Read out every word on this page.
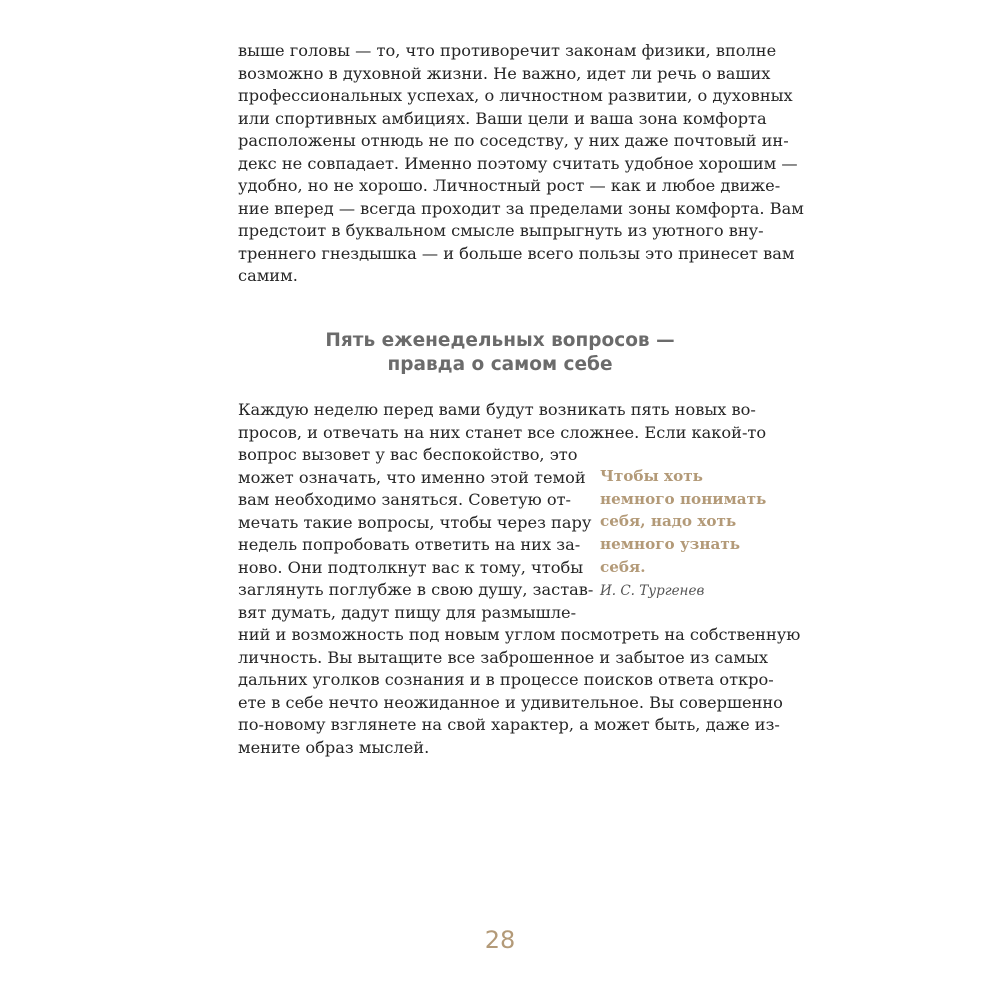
выше головы — то, что противоречит законам физики, вполне
возможно в духовной жизни. Не важно, идет ли речь о ваших
профессиональных успехах, о личностном развитии, о духовных
или спортивных амбициях. Ваши цели и ваша зона комфорта
расположены отнюдь не по соседству, у них даже почтовый ин-
декс не совпадает. Именно поэтому считать удобное хорошим —
удобно, но не хорошо. Личностный рост — как и любое движе-
ние вперед — всегда проходит за пределами зоны комфорта. Вам
предстоит в буквальном смысле выпрыгнуть из уютного вну-
треннего гнездышка — и больше всего пользы это принесет вам
самим.
Пять еженедельных вопросов —
правда о самом себе
Каждую неделю перед вами будут возникать пять новых во-
просов, и отвечать на них станет все сложнее. Если какой-то
вопрос вызовет у вас беспокойство, это
может означать, что именно этой темой
вам необходимо заняться. Советую от-
мечать такие вопросы, чтобы через пару
недель попробовать ответить на них за-
ново. Они подтолкнут вас к тому, чтобы
заглянуть поглубже в свою душу, застав-
вят думать, дадут пищу для размышле-
ний и возможность под новым углом посмотреть на собственную
личность. Вы вытащите все заброшенное и забытое из самых
дальних уголков сознания и в процессе поисков ответа откро-
ете в себе нечто неожиданное и удивительное. Вы совершенно
по-новому взглянете на свой характер, а может быть, даже из-
мените образ мыслей.
Чтобы хоть
немного понимать
себя, надо хоть
немного узнать
себя.
И. С. Тургенев
28
